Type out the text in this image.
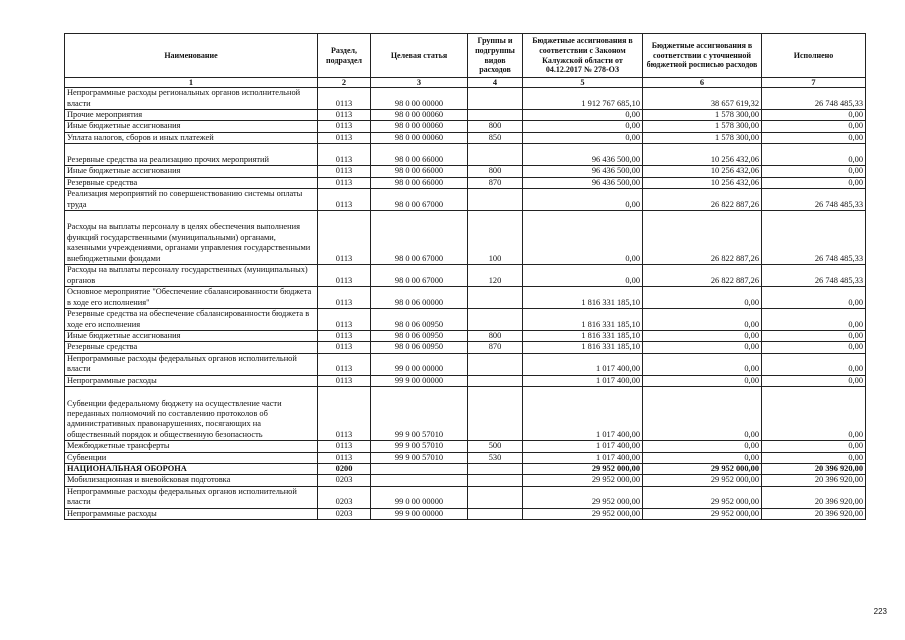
Наименование	Раздел, подраздел	Целевая статья	Группы и подгруппы видов расходов	Бюджетные ассигнования в соответствии с Законом Калужской области от 04.12.2017 № 278-ОЗ	Бюджетные ассигнования в соответствии с уточненной бюджетной росписью расходов	Исполнено
1	2	3	4	5	6	7
Непрограммные расходы региональных органов исполнительной власти	0113	98 0 00 00000		1 912 767 685,10	38 657 619,32	26 748 485,33
Прочие мероприятия	0113	98 0 00 00060		0,00	1 578 300,00	0,00
Иные бюджетные ассигнования	0113	98 0 00 00060	800	0,00	1 578 300,00	0,00
Уплата налогов, сборов и иных платежей	0113	98 0 00 00060	850	0,00	1 578 300,00	0,00
Резервные средства на реализацию прочих мероприятий	0113	98 0 00 66000		96 436 500,00	10 256 432,06	0,00
Иные бюджетные ассигнования	0113	98 0 00 66000	800	96 436 500,00	10 256 432,06	0,00
Резервные средства	0113	98 0 00 66000	870	96 436 500,00	10 256 432,06	0,00
Реализация мероприятий по совершенствованию системы оплаты труда	0113	98 0 00 67000		0,00	26 822 887,26	26 748 485,33
Расходы на выплаты персоналу в целях обеспечения выполнения функций государственными (муниципальными) органами, казенными учреждениями, органами управления государственными внебюджетными фондами	0113	98 0 00 67000	100	0,00	26 822 887,26	26 748 485,33
Расходы на выплаты персоналу государственных (муниципальных) органов	0113	98 0 00 67000	120	0,00	26 822 887,26	26 748 485,33
Основное мероприятие "Обеспечение сбалансированности бюджета в ходе его исполнения"	0113	98 0 06 00000		1 816 331 185,10	0,00	0,00
Резервные средства на обеспечение сбалансированности бюджета в ходе его исполнения	0113	98 0 06 00950		1 816 331 185,10	0,00	0,00
Иные бюджетные ассигнования	0113	98 0 06 00950	800	1 816 331 185,10	0,00	0,00
Резервные средства	0113	98 0 06 00950	870	1 816 331 185,10	0,00	0,00
Непрограммные расходы федеральных органов исполнительной власти	0113	99 0 00 00000		1 017 400,00	0,00	0,00
Непрограммные расходы	0113	99 9 00 00000		1 017 400,00	0,00	0,00
Субвенции федеральному бюджету на осуществление части переданных полномочий по составлению протоколов об административных правонарушениях, посягающих на общественный порядок и общественную безопасность	0113	99 9 00 57010		1 017 400,00	0,00	0,00
Межбюджетные трансферты	0113	99 9 00 57010	500	1 017 400,00	0,00	0,00
Субвенции	0113	99 9 00 57010	530	1 017 400,00	0,00	0,00
НАЦИОНАЛЬНАЯ ОБОРОНА	0200			29 952 000,00	29 952 000,00	20 396 920,00
Мобилизационная и вневойсковая подготовка	0203			29 952 000,00	29 952 000,00	20 396 920,00
Непрограммные расходы федеральных органов исполнительной власти	0203	99 0 00 00000		29 952 000,00	29 952 000,00	20 396 920,00
Непрограммные расходы	0203	99 9 00 00000		29 952 000,00	29 952 000,00	20 396 920,00
223
